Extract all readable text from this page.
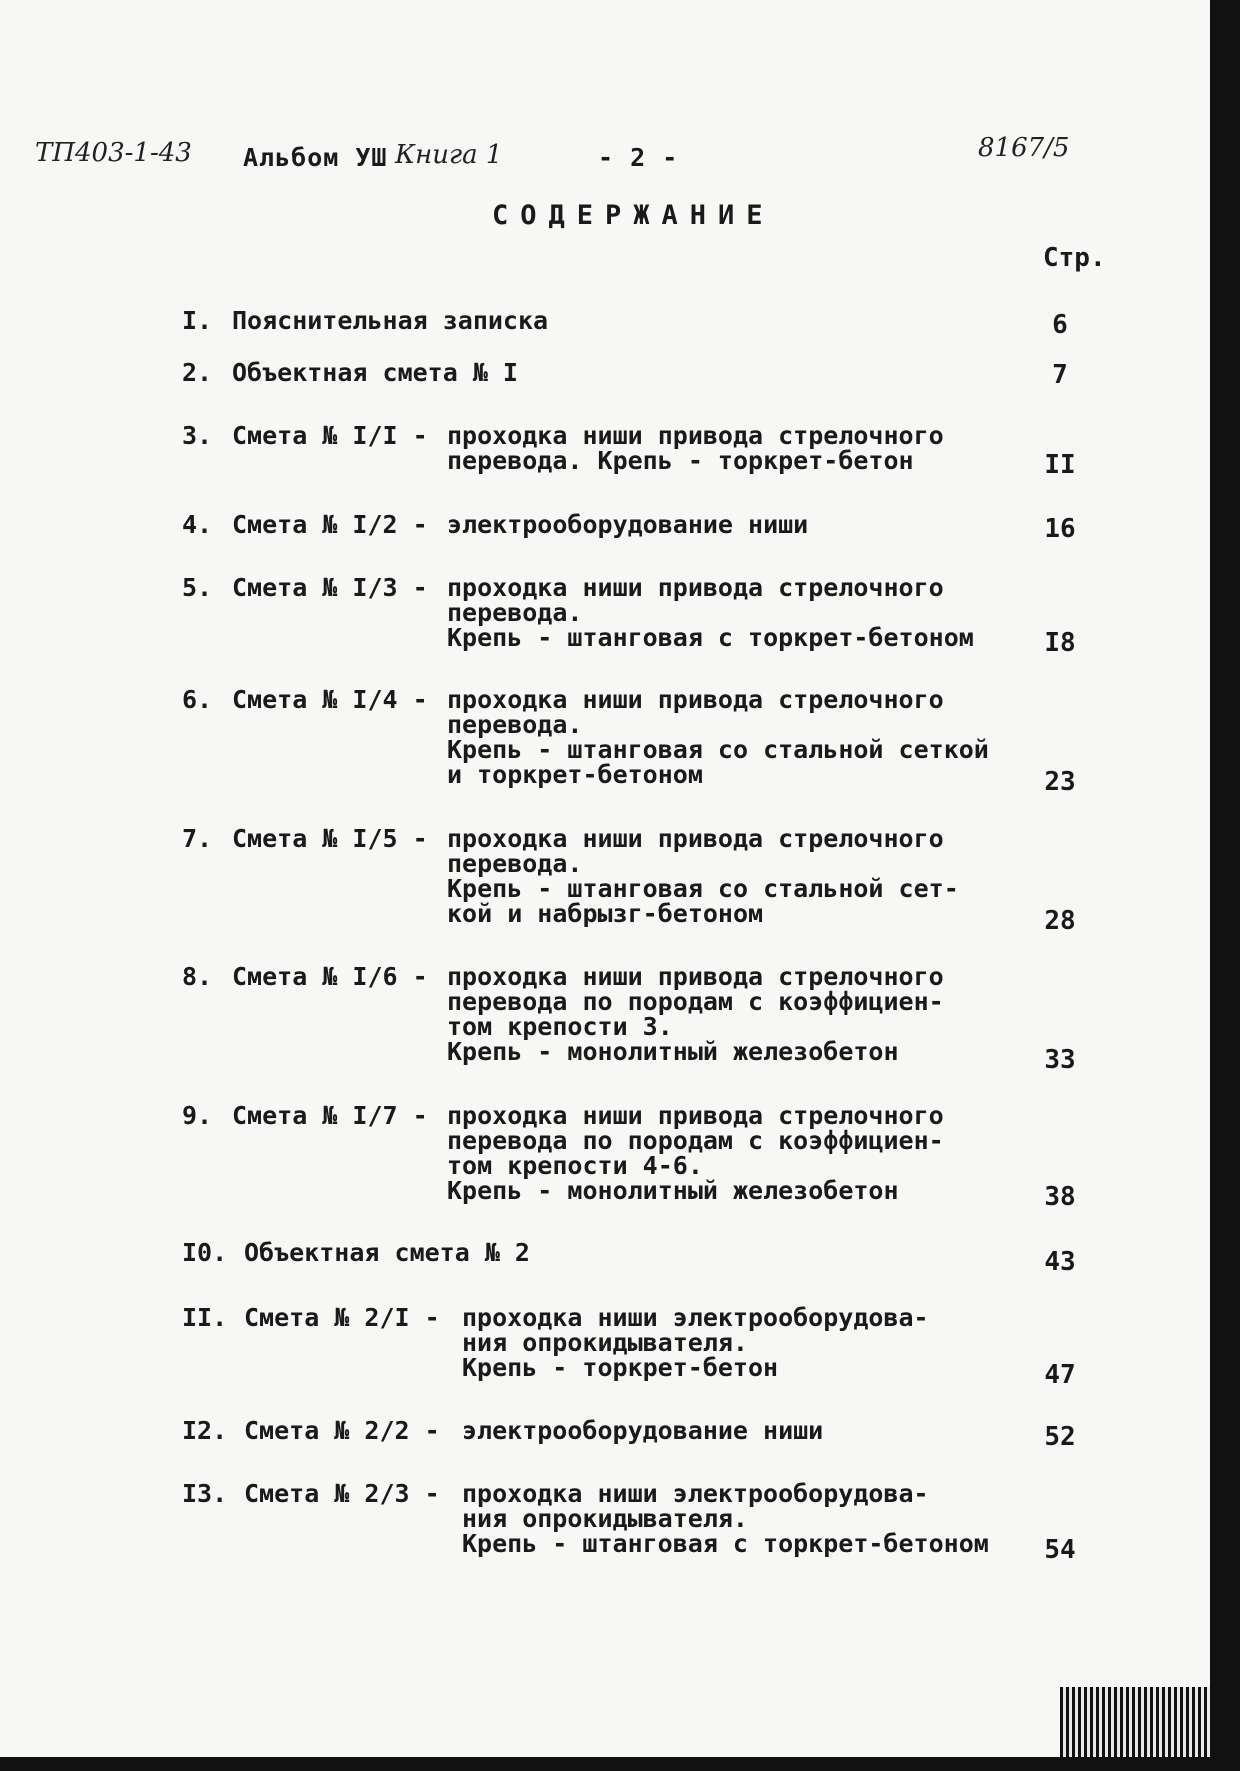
ТП403-1-43 Альбом УШ Книга 1	- 2 -	8167/5
СОДЕРЖАНИЕ
Стр.
I. Пояснительная записка	6
2. Объектная смета № I	7
3. Смета № I/I - проходка ниши привода стрелочного
перевода. Крепь - торкрет-бетон	II
4. Смета № I/2 - электрооборудование ниши	16
5. Смета № I/3 - проходка ниши привода стрелочного
перевода.
Крепь - штанговая с торкрет-бетоном	I8
6. Смета № I/4 - проходка ниши привода стрелочного
перевода.
Крепь - штанговая со стальной сеткой
и торкрет-бетоном	23
7. Смета № I/5 - проходка ниши привода стрелочного
перевода.
Крепь - штанговая со стальной сет-
кой и набрызг-бетоном	28
8. Смета № I/6 - проходка ниши привода стрелочного
перевода по породам с коэффициен-
том крепости 3.
Крепь - монолитный железобетон	33
9. Смета № I/7 - проходка ниши привода стрелочного
перевода по породам с коэффициен-
том крепости 4-6.
Крепь - монолитный железобетон	38
I0. Объектная смета № 2	43
II. Смета № 2/I - проходка ниши электрооборудова-
ния опрокидывателя.
Крепь - торкрет-бетон	47
I2. Смета № 2/2 - электрооборудование ниши	52
I3. Смета № 2/3 - проходка ниши электрооборудова-
ния опрокидывателя.
Крепь - штанговая с торкрет-бетоном	54
